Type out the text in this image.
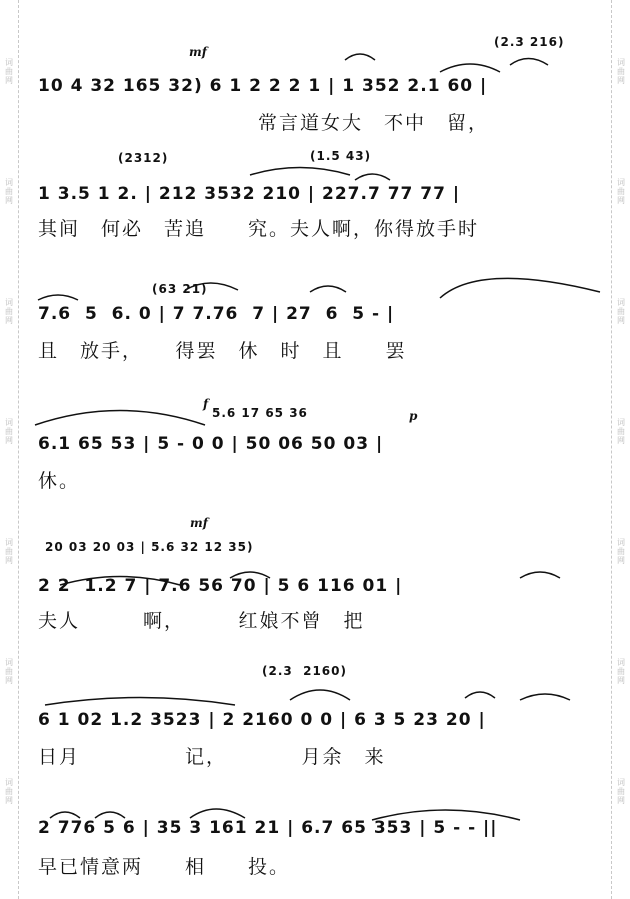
词
曲
网
词
曲
网
词
曲
网
词
曲
网
词
曲
网
词
曲
网
词
曲
网
词
曲
网
词
曲
网
词
曲
网
词
曲
网
词
曲
网
词
曲
网
词
曲
网
mf
(2.3 216)
10 4 32 165 32) 6 1 2 2 2 1 | 1 352 2.1 60 |
常言道女大　不中　留，
(2312)	(1.5 43)
1 3.5 1 2. | 212 3532 210 | 227.7 77 77 |
其间　何必　苦追　　究。夫人啊，你得放手时
(63 21)
7.6  5  6. 0 | 7 7.76  7 | 27  6  5 - |
且　放手，　　得罢　休　时　且　　罢
f
5.6 17 65 36	p
6.1 65 53 | 5 - 0 0 | 50 06 50 03 |
休。
mf
20 03 20 03 | 5.6 32 12 35)
2 2  1.2 7 | 7.6 56 70 | 5 6 116 01 |
夫人　　　啊，　　　红娘不曾　把
(2.3  2160)
6 1 02 1.2 3523 | 2 2160 0 0 | 6 3 5 23 20 |
日月　　　　　记，　　　　月余　来
2 776 5 6 | 35 3 161 21 | 6.7 65 353 | 5 - - ||
早已情意两　　相　　投。
